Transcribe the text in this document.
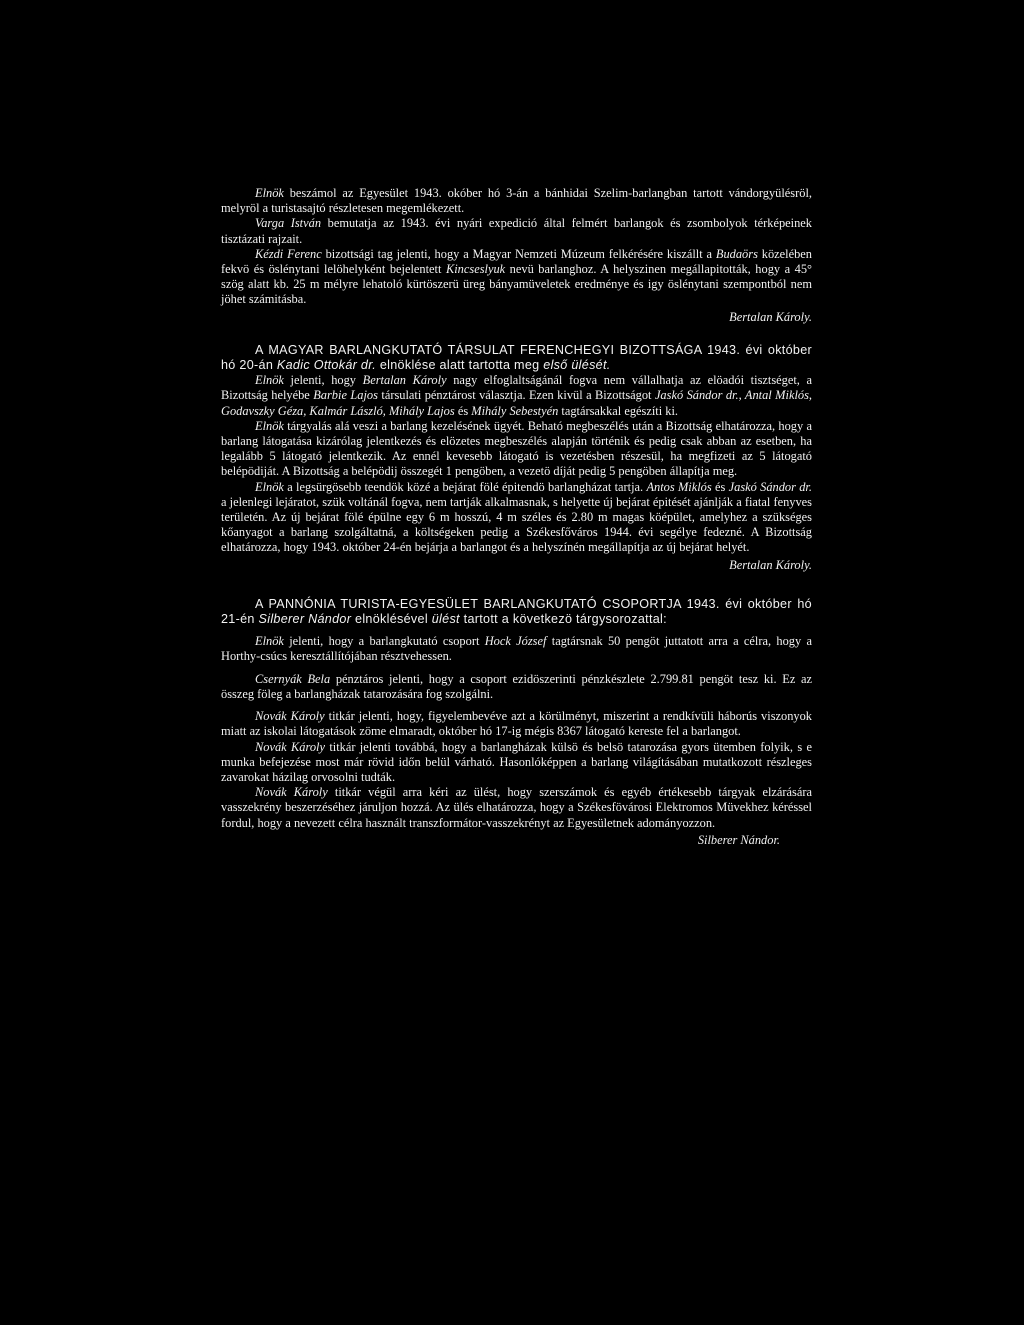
Elnök beszámol az Egyesület 1943. okóber hó 3-án a bánhidai Szelim-barlangban tartott vándorgyülésröl, melyröl a turistasajtó részletesen megemlékezett.

Varga István bemutatja az 1943. évi nyári expedició által felmért barlangok és zsombolyok térképeinek tisztázati rajzait.

Kézdi Ferenc bizottsági tag jelenti, hogy a Magyar Nemzeti Múzeum felkérésére kiszállt a Budaörs közelében fekvö és öslénytani lelöhelyként bejelentett Kincseslyuk nevü barlanghoz. A helyszinen megállapitották, hogy a 45° szög alatt kb. 25 m mélyre lehatoló kürtöszerü üreg bányamüveletek eredménye és igy öslénytani szempontból nem jöhet számitásba.

Bertalan Károly.

A MAGYAR BARLANGKUTATÓ TÁRSULAT FERENCHEGYI BIZOTTSÁGA 1943. évi október hó 20-án Kadic Ottokár dr. elnöklése alatt tartotta meg első ülését.

Elnök jelenti, hogy Bertalan Károly nagy elfoglaltságánál fogva nem vállalhatja az elöadói tisztséget, a Bizottság helyébe Barbie Lajos társulati pénztárost választja. Ezen kivül a Bizottságot Jaskó Sándor dr., Antal Miklós, Godavszky Géza, Kalmár László, Mihály Lajos és Mihály Sebestyén tagtársakkal egészíti ki.

Elnök tárgyalás alá veszi a barlang kezelésének ügyét. Beható megbeszélés után a Bizottság elhatározza, hogy a barlang látogatása kizárólag jelentkezés és elözetes megbeszélés alapján történik és pedig csak abban az esetben, ha legalább 5 látogató jelentkezik. Az ennél kevesebb látogató is vezetésben részesül, ha megfizeti az 5 látogató belépödiját. A Bizottság a belépödij összegét 1 pengöben, a vezetö díját pedig 5 pengöben állapítja meg.

Elnök a legsürgösebb teendök közé a bejárat fölé épitendö barlangházat tartja. Antos Miklós és Jaskó Sándor dr. a jelenlegi lejáratot, szük voltánál fogva, nem tartják alkalmasnak, s helyette új bejárat épitését ajánlják a fiatal fenyves területén. Az új bejárat fölé épülne egy 6 m hosszú, 4 m széles és 2.80 m magas köépület, amelyhez a szükséges kőanyagot a barlang szolgáltatná, a költségeken pedig a Székesfőváros 1944. évi segélye fedezné. A Bizottság elhatározza, hogy 1943. október 24-én bejárja a barlangot és a helyszínén megállapítja az új bejárat helyét.

Bertalan Károly.

A PANNÓNIA TURISTA-EGYESÜLET BARLANGKUTATÓ CSOPORTJA 1943. évi október hó 21-én Silberer Nándor elnöklésével ülést tartott a következö tárgysorozattal:

Elnök jelenti, hogy a barlangkutató csoport Hock József tagtársnak 50 pengöt juttatott arra a célra, hogy a Horthy-csúcs keresztállítójában résztvehessen.

Csernyák Bela pénztáros jelenti, hogy a csoport ezidöszerinti pénzkészlete 2.799.81 pengöt tesz ki. Ez az összeg föleg a barlangházak tatarozására fog szolgálni.

Novák Károly titkár jelenti, hogy, figyelembevéve azt a körülményt, miszerint a rendkívüli háborús viszonyok miatt az iskolai látogatások zöme elmaradt, október hó 17-ig mégis 8367 látogató kereste fel a barlangot.

Novák Károly titkár jelenti továbbá, hogy a barlangházak külsö és belsö tatarozása gyors ütemben folyik, s e munka befejezése most már rövid időn belül várható. Hasonlóképpen a barlang világításában mutatkozott részleges zavarokat házilag orvosolni tudták.

Novák Károly titkár végül arra kéri az ülést, hogy szerszámok és egyéb értékesebb tárgyak elzárására vasszekrény beszerzéséhez járuljon hozzá. Az ülés elhatározza, hogy a Székesfövárosi Elektromos Müvekhez kéréssel fordul, hogy a nevezett célra használt transzformátor-vasszekrényt az Egyesületnek adományozzon.

Silberer Nándor.
